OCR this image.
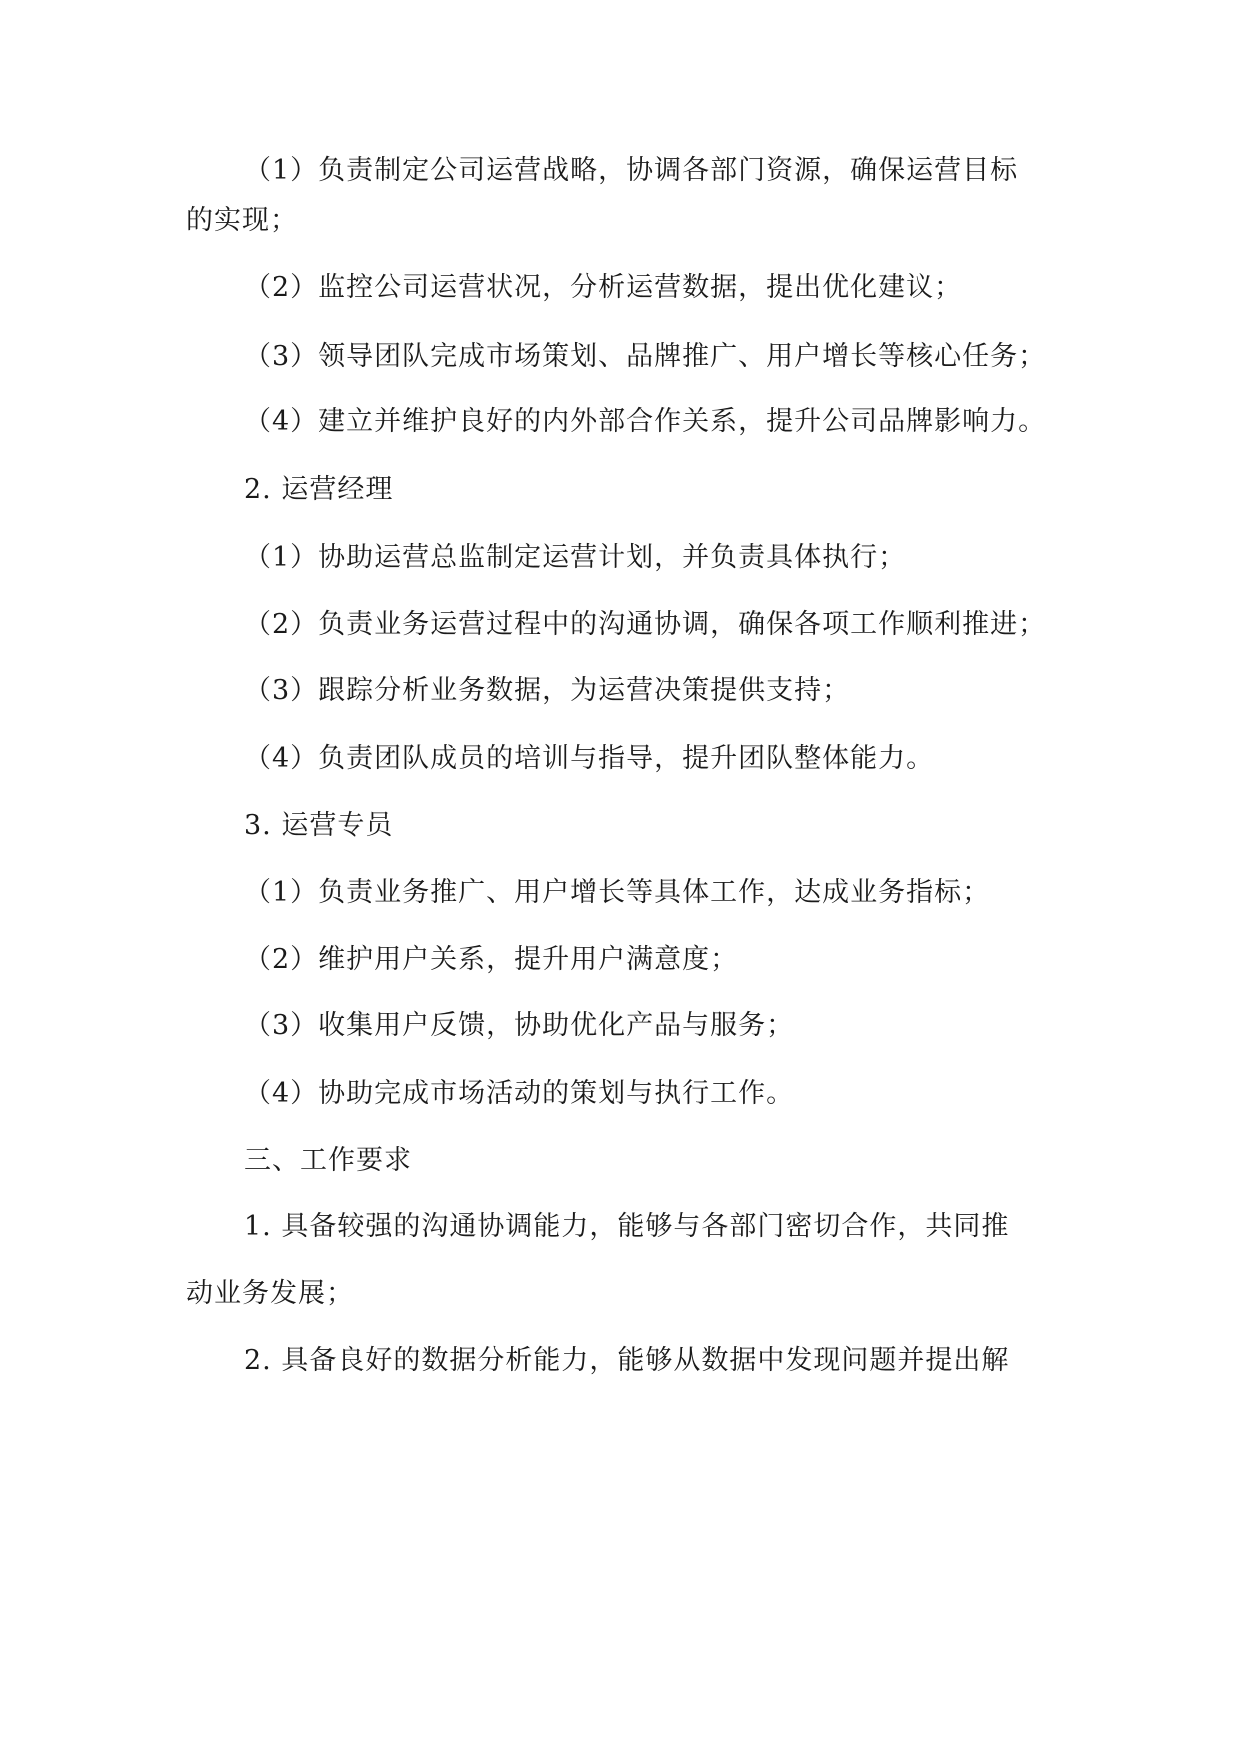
（1）负责制定公司运营战略，协调各部门资源，确保运营目标

的实现；

（2）监控公司运营状况，分析运营数据，提出优化建议；

（3）领导团队完成市场策划、品牌推广、用户增长等核心任务；

（4）建立并维护良好的内外部合作关系，提升公司品牌影响力。

2. 运营经理

（1）协助运营总监制定运营计划，并负责具体执行；

（2）负责业务运营过程中的沟通协调，确保各项工作顺利推进；

（3）跟踪分析业务数据，为运营决策提供支持；

（4）负责团队成员的培训与指导，提升团队整体能力。

3. 运营专员

（1）负责业务推广、用户增长等具体工作，达成业务指标；

（2）维护用户关系，提升用户满意度；

（3）收集用户反馈，协助优化产品与服务；

（4）协助完成市场活动的策划与执行工作。

三、工作要求

1. 具备较强的沟通协调能力，能够与各部门密切合作，共同推

动业务发展；

2. 具备良好的数据分析能力，能够从数据中发现问题并提出解
